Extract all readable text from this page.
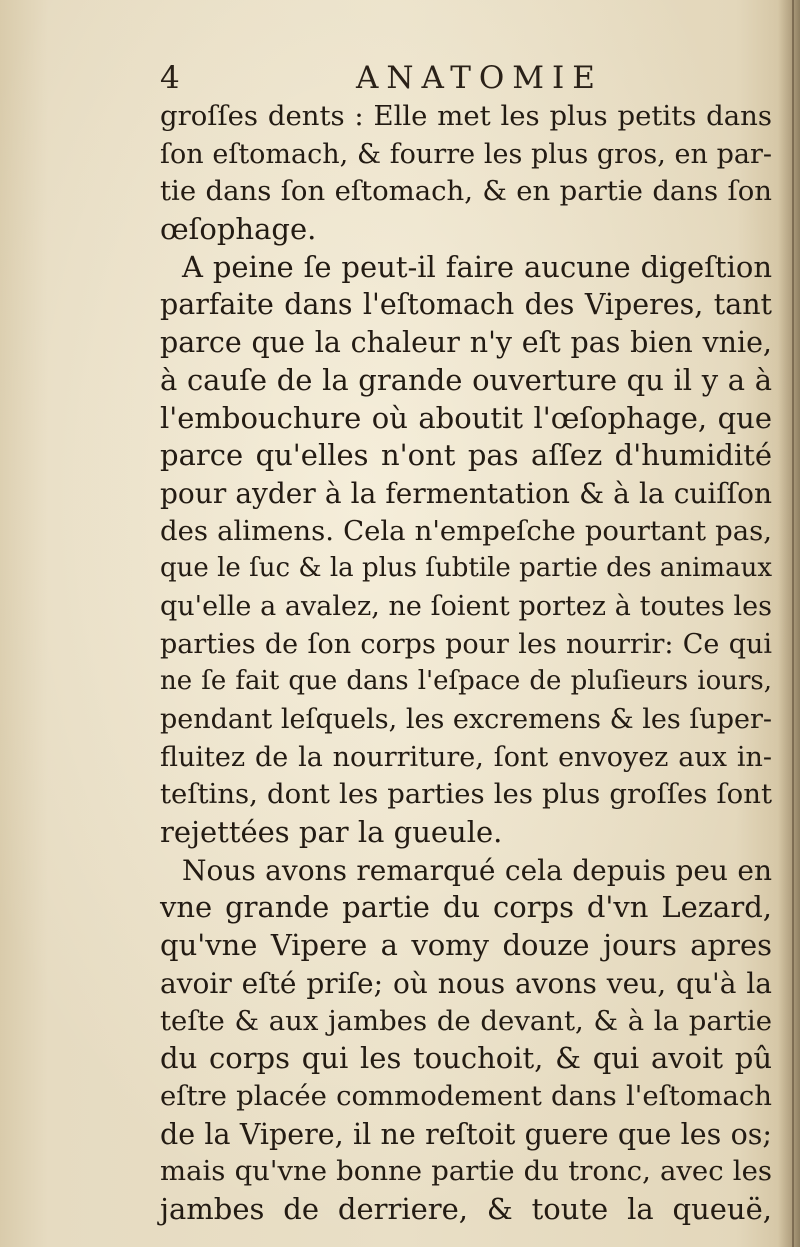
4	ANATOMIE
groſſes dents : Elle met les plus petits dans
ſon eſtomach, & fourre les plus gros, en par-
tie dans ſon eſtomach, & en partie dans ſon
œſophage.
A peine ſe peut-il faire aucune digeſtion
parfaite dans l'eſtomach des Viperes, tant
parce que la chaleur n'y eſt pas bien vnie,
à cauſe de la grande ouverture qu il y a à
l'embouchure où aboutit l'œſophage, que
parce qu'elles n'ont pas aſſez d'humidité
pour ayder à la fermentation & à la cuiſſon
des alimens. Cela n'empeſche pourtant pas,
que le ſuc & la plus ſubtile partie des animaux
qu'elle a avalez, ne ſoient portez à toutes les
parties de ſon corps pour les nourrir: Ce qui
ne ſe fait que dans l'eſpace de pluſieurs iours,
pendant leſquels, les excremens & les ſuper-
fluitez de la nourriture, ſont envoyez aux in-
teſtins, dont les parties les plus groſſes ſont
rejettées par la gueule.
Nous avons remarqué cela depuis peu en
vne grande partie du corps d'vn Lezard,
qu'vne Vipere a vomy douze jours apres
avoir eſté priſe; où nous avons veu, qu'à la
teſte & aux jambes de devant, & à la partie
du corps qui les touchoit, & qui avoit pû
eſtre placée commodement dans l'eſtomach
de la Vipere, il ne reſtoit guere que les os;
mais qu'vne bonne partie du tronc, avec les
jambes de derriere, & toute la queuë,
